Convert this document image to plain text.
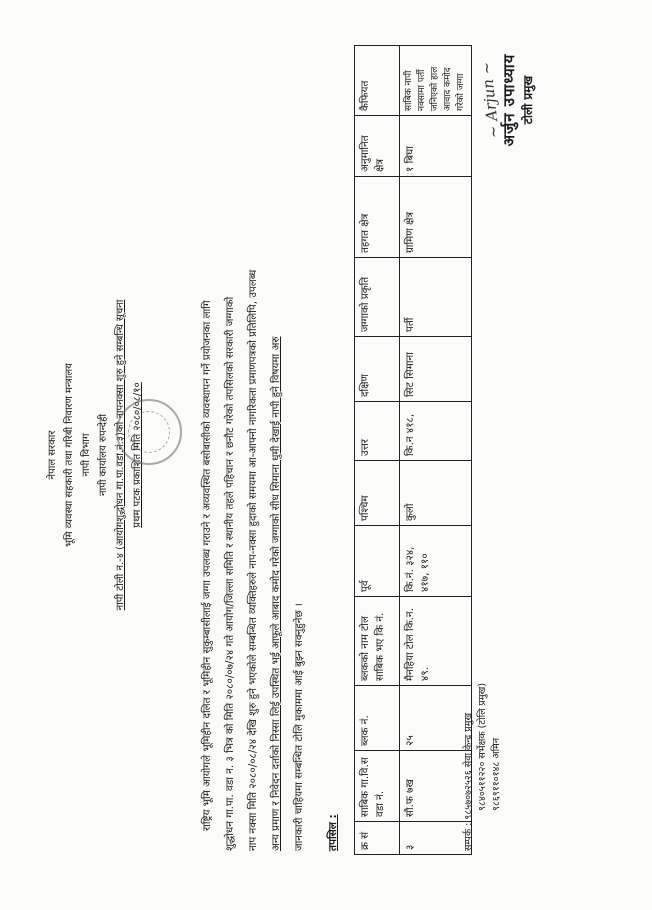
नेपाल सरकार भूमि व्यवस्था सहकारी तथा गरिबी निवारण मन्त्रालय नापी विभाग नापी कार्यालय रुपन्देही नापी टोली न.-४ (आयोगशुद्धोधन गा.पा.वडा.नं.३)को नापनक्सा शुरु हुने सम्बन्धि सूचना प्रथम पटक प्रकाशित मिति २०८०/०८/१०	राष्ट्रिय भूमि आयोगले भूमिहीन दलित र भूमिहीन सुकुम्बासीलाई जग्गा उपलब्ध गराउने र अव्यवस्थित बसोबासीको व्यवस्थापन गर्ने प्रयोजनका लागि	शुद्धोधन गा.पा. वडा न. ३ भित्र को मिति २०८०/०७/२४ गते आयोग/जिल्ला समिति र स्थानीय तहले पहिचान र छनौट गरेको तपसिलको सरकारी जग्गाको	नाप नक्सा मिति २०८०/०८/२४ देखि शुरु हुने भएकोले सम्बन्धित व्यक्तिहरुले नाप-नक्सा हुदाको समयमा आ-आफ्नो नागरिकता प्रमाणपत्रको प्रतिलिपि, उपलब्ध	अन्य प्रमाण र निवेदन दर्ताको निस्सा लिई उपस्थित भई आफूले आबाद कमोद गरेको जग्गाको सीध सिमाना धुमी देखाई नापी हुने विषयमा अरु	जानकारी चाहियमा सम्बन्धित टोलि मुकाममा आई बुझ्न सक्नुहुनेछ ।	तपसिल : क्र सं	साबिक गा.वि.स वडा नं.	ब्लक नं.	ब्लकको नाम टोल साबिक भए कि नं.	पूर्व	पश्चिम	उत्तर	दक्षिण	जग्गाको प्रकृति	तहगत क्षेत्र	अनुमानित क्षेत्र	कैफियत
३	सौ.फ ७ख	२५	मैनहिया टोल कि.न. ४९.	कि.नं. ३२४, ४१७, ११०	कुलो	कि.न ४१८,	सिट सिमाना	पर्ती	ग्रामिण क्षेत्र	१ बिघा	साबिक नापी नक्सामा पर्ती जनिएको हाल आवाद कमोद गरेको जग्गा
सम्पर्क : ९८५७०७२५२६ सेवा केन्द्र प्रमुख ९८४०५११२२० सर्भेक्षक (टोलि प्रमुख) ९८६९११०१४८ अमिन
~ Arjun ~
अर्जुन उपाध्याय टोली प्रमुख
